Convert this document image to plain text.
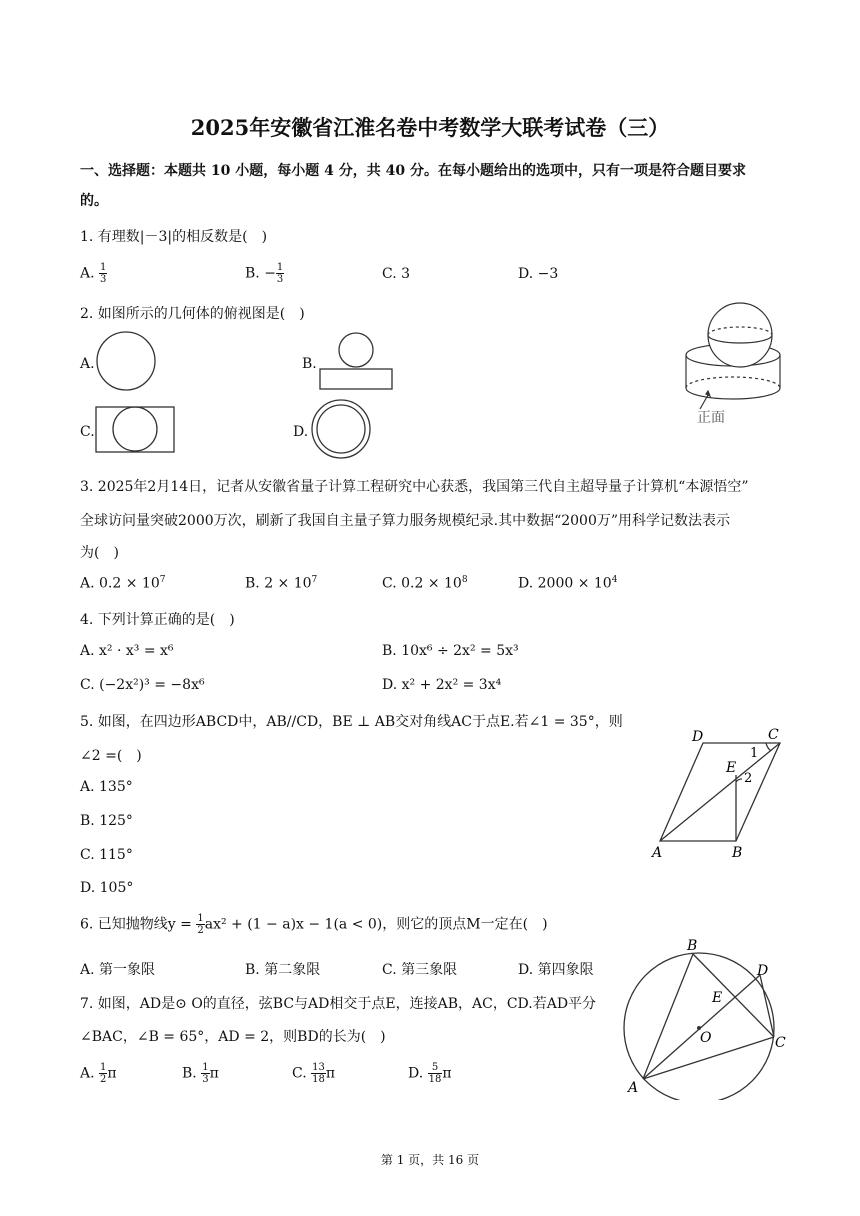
2025年安徽省江淮名卷中考数学大联考试卷（三）
一、选择题：本题共 10 小题，每小题 4 分，共 40 分。在每小题给出的选项中，只有一项是符合题目要求
的。
1. 有理数|－3|的相反数是(　)
A. $\frac{1}{3}$	B. − $\frac{1}{3}$	C. 3	D. −3
2. 如图所示的几何体的俯视图是(　)
A.	B.
C.	D.
正面
3. 2025年2月14日，记者从安徽省量子计算工程研究中心获悉，我国第三代自主超导量子计算机“本源悟空”
全球访问量突破2000万次，刷新了我国自主量子算力服务规模纪录.其中数据“2000万”用科学记数法表示
为(　)
A. $0.2 \times 10^7$	B. $2 \times 10^7$	C. $0.2 \times 10^8$	D. $2000 \times 10^4$
4. 下列计算正确的是(　)
A. x² · x³ = x⁶	B. 10x⁶ ÷ 2x² = 5x³
C. (−2x²)³ = −8x⁶	D. x² + 2x² = 3x⁴
5. 如图，在四边形ABCD中，AB//CD，BE ⊥ AB交对角线AC于点E.若∠1 = 35°，则
∠2 =(　)
A. 135°
B. 125°
C. 115°
D. 105°
D	C
1
E
2
A	B
6. 已知抛物线$y = \frac{1}{2} ax^2 + (1 - a)x - 1(a < 0)$，则它的顶点M一定在(　)
A. 第一象限	B. 第二象限	C. 第三象限	D. 第四象限
7. 如图，AD是⊙ O的直径，弦BC与AD相交于点E，连接AB，AC，CD.若AD平分
∠BAC，∠B = 65°，AD = 2，则BD的长为(　)
A. $\frac{1}{2}$ π	B. $\frac{1}{3}$ π	C. $\frac{13}{18}$ π	D. $\frac{5}{18}$ π
B
D
E
O	C
A
第 1 页，共 16 页
